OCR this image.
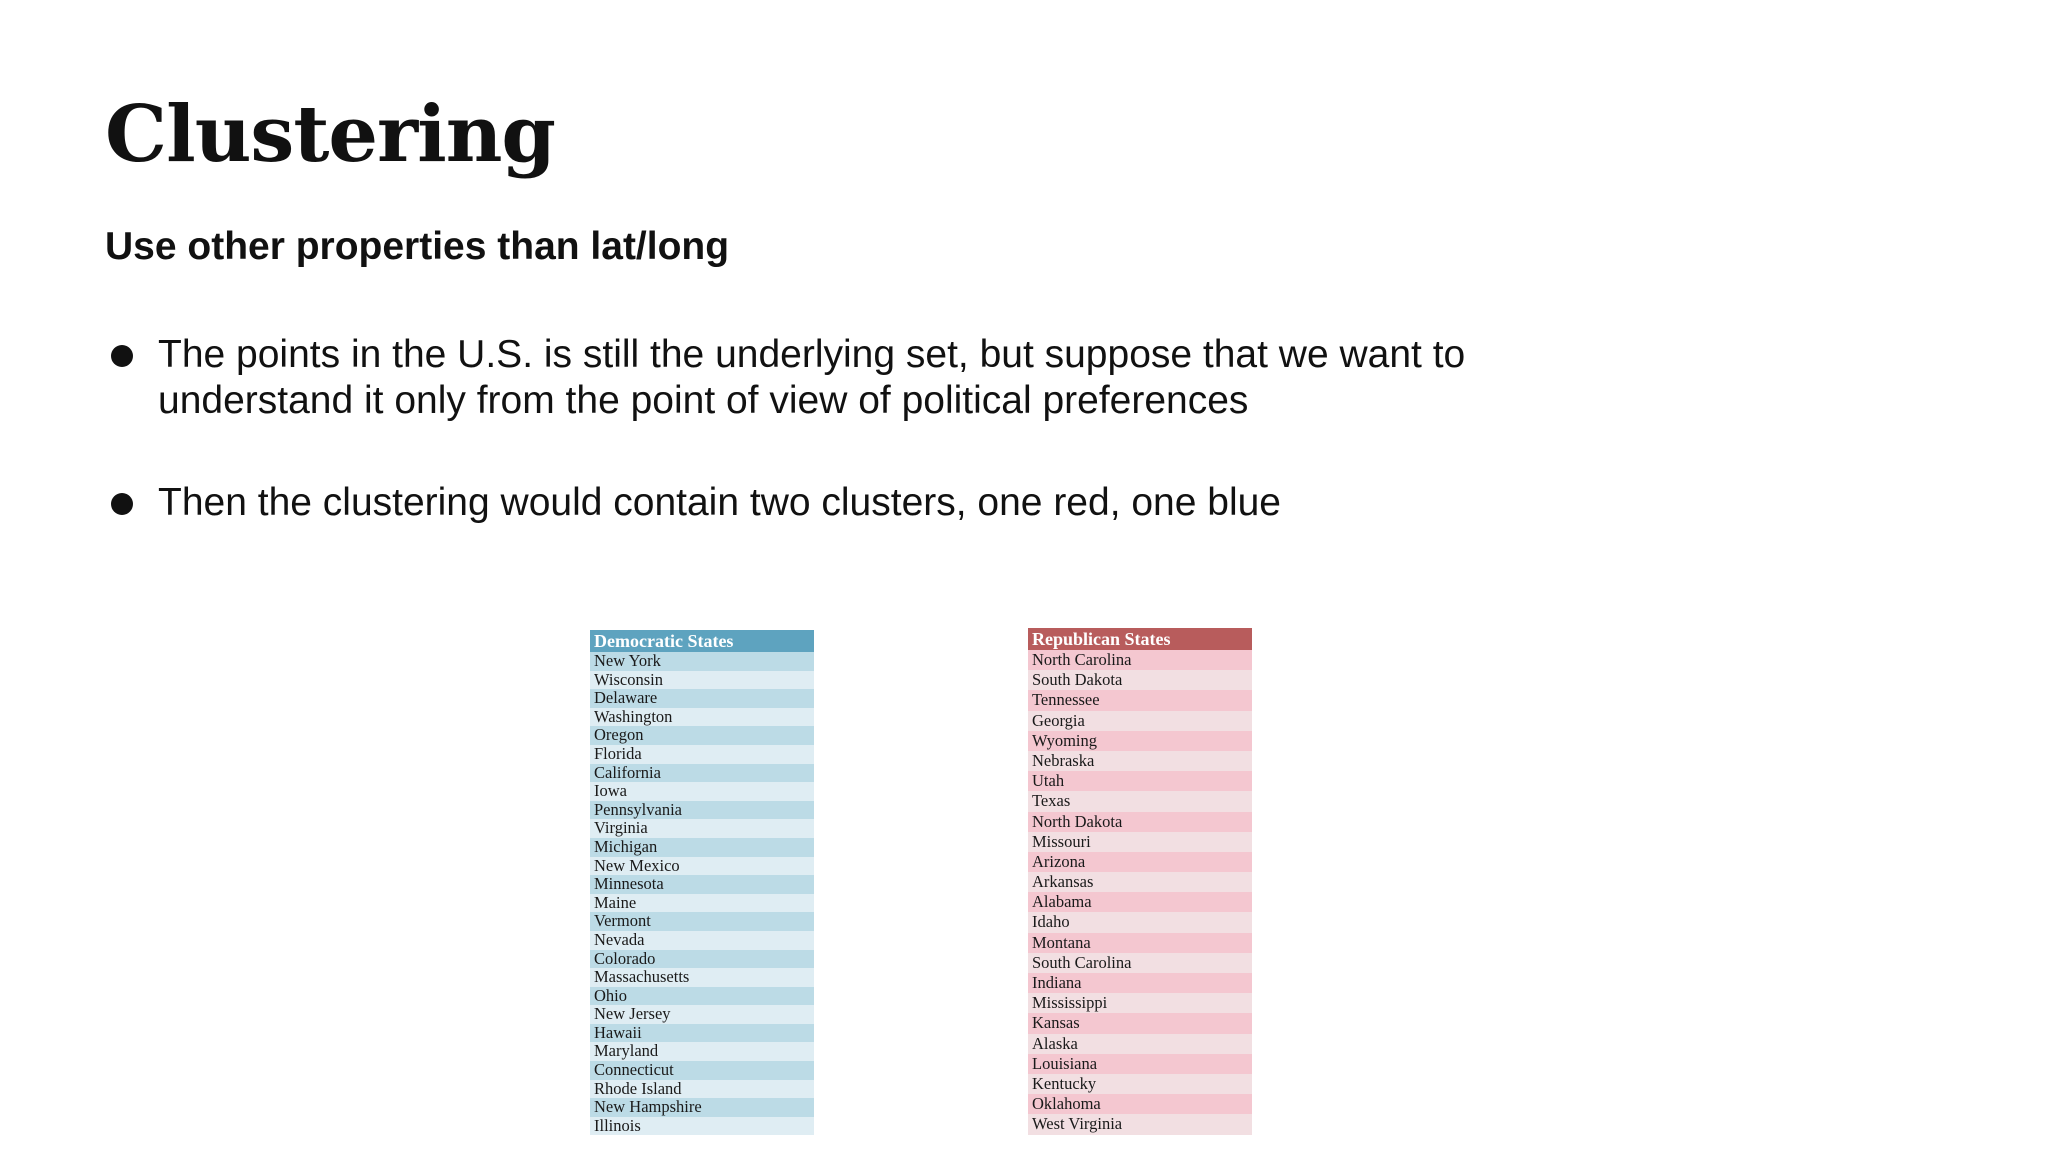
Clustering
Use other properties than lat/long
The points in the U.S. is still the underlying set, but suppose that we want to understand it only from the point of view of political preferences
Then the clustering would contain two clusters, one red, one blue
Democratic States
New York
Wisconsin
Delaware
Washington
Oregon
Florida
California
Iowa
Pennsylvania
Virginia
Michigan
New Mexico
Minnesota
Maine
Vermont
Nevada
Colorado
Massachusetts
Ohio
New Jersey
Hawaii
Maryland
Connecticut
Rhode Island
New Hampshire
Illinois
Republican States
North Carolina
South Dakota
Tennessee
Georgia
Wyoming
Nebraska
Utah
Texas
North Dakota
Missouri
Arizona
Arkansas
Alabama
Idaho
Montana
South Carolina
Indiana
Mississippi
Kansas
Alaska
Louisiana
Kentucky
Oklahoma
West Virginia
